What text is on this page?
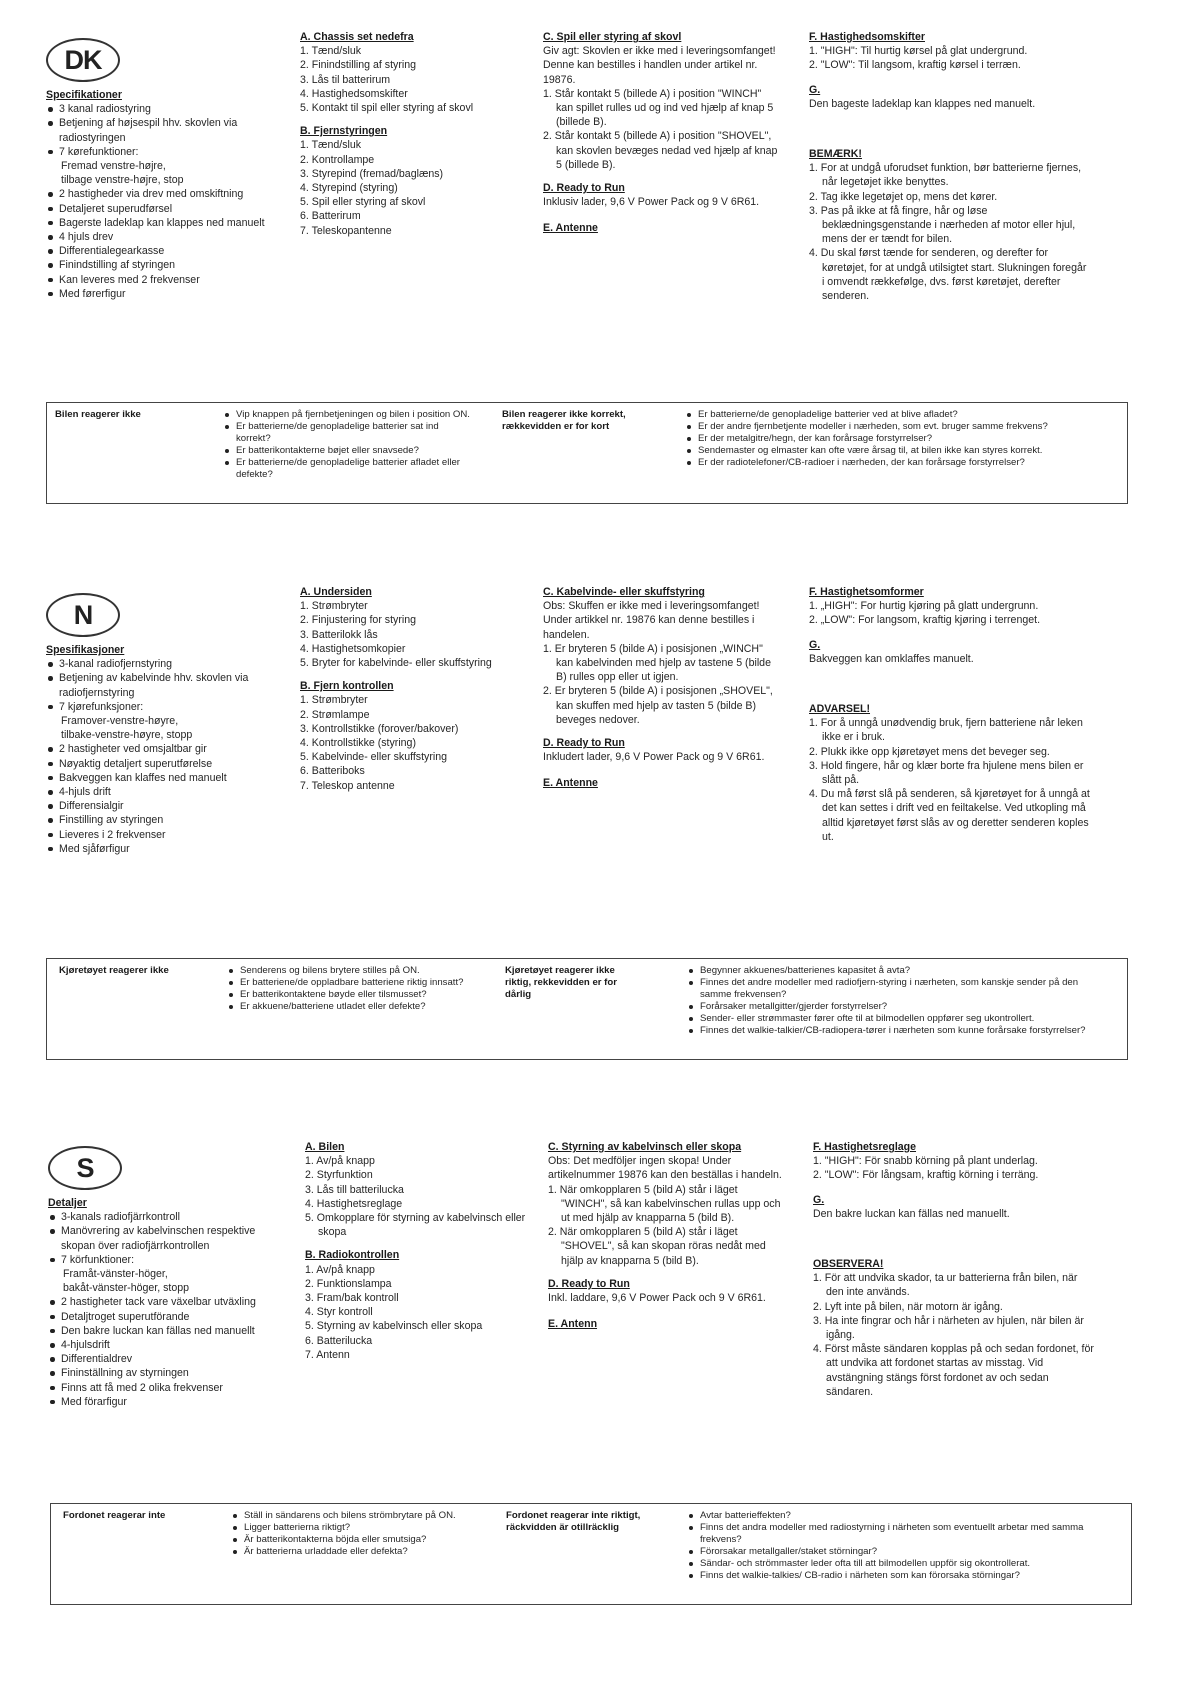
DK
Specifikationer
3 kanal radiostyring
Betjening af højsespil hhv. skovlen via radiostyringen
7 kørefunktioner:
Fremad venstre-højre,
tilbage venstre-højre, stop
2 hastigheder via drev med omskiftning
Detaljeret superudførsel
Bagerste ladeklap kan klappes ned manuelt
4 hjuls drev
Differentialegearkasse
Finindstilling af styringen
Kan leveres med 2 frekvenser
Med førerfigur
A. Chassis set nedefra
1. Tænd/sluk
2. Finindstilling af styring
3. Lås til batterirum
4. Hastighedsomskifter
5. Kontakt til spil eller styring af skovl
B. Fjernstyringen
1. Tænd/sluk
2. Kontrollampe
3. Styrepind (fremad/baglæns)
4. Styrepind (styring)
5. Spil eller styring af skovl
6. Batterirum
7. Teleskopantenne
C. Spil eller styring af skovl

Giv agt: Skovlen er ikke med i leveringsomfanget! Denne kan bestilles i handlen under artikel nr. 19876.

1. Står kontakt 5 (billede A) i position "WINCH" kan spillet rulles ud og ind ved hjælp af knap 5 (billede B).
2. Står kontakt 5 (billede A) i position "SHOVEL", kan skovlen bevæges nedad ved hjælp af knap 5 (billede B).
D. Ready to Run

Inklusiv lader, 9,6 V Power Pack og 9 V 6R61.

E. Antenne
F. Hastighedsomskifter
1. "HIGH": Til hurtig kørsel på glat undergrund.
2. "LOW": Til langsom, kraftig kørsel i terræn.
G.

Den bageste ladeklap kan klappes ned manuelt.

BEMÆRK!
1. For at undgå uforudset funktion, bør batterierne fjernes, når legetøjet ikke benyttes.
2. Tag ikke legetøjet op, mens det kører.
3. Pas på ikke at få fingre, hår og løse beklædningsgenstande i nærheden af motor eller hjul, mens der er tændt for bilen.
4. Du skal først tænde for senderen, og derefter for køretøjet, for at undgå utilsigtet start. Slukningen foregår i omvendt rækkefølge, dvs. først køretøjet, derefter senderen.
Bilen reagerer ikke	Vip knappen på fjernbetjeningen og bilen i position ON.
Er batterierne/de genopladelige batterier sat ind korrekt?
Er batterikontakterne bøjet eller snavsede?
Er batterierne/de genopladelige batterier afladet eller defekte?
Bilen reagerer ikke korrekt, rækkevidden er for kort
Er batterierne/de genopladelige batterier ved at blive afladet?
Er der andre fjernbetjente modeller i nærheden, som evt. bruger samme frekvens?
Er der metalgitre/hegn, der kan forårsage forstyrrelser?
Sendemaster og elmaster kan ofte være årsag til, at bilen ikke kan styres korrekt.
Er der radiotelefoner/CB-radioer i nærheden, der kan forårsage forstyrrelser?
N
Spesifikasjoner
3-kanal radiofjernstyring
Betjening av kabelvinde hhv. skovlen via radiofjernstyring
7 kjørefunksjoner:
Framover-venstre-høyre,
tilbake-venstre-høyre, stopp
2 hastigheter ved omsjaltbar gir
Nøyaktig detaljert superutførelse
Bakveggen kan klaffes ned manuelt
4-hjuls drift
Differensialgir
Finstilling av styringen
Lieveres i 2 frekvenser
Med sjåførfigur
A. Undersiden
1. Strømbryter
2. Finjustering for styring
3. Batterilokk lås
4. Hastighetsomkopier
5. Bryter for kabelvinde- eller skuffstyring
B. Fjern kontrollen
1. Strømbryter
2. Strømlampe
3. Kontrollstikke (forover/bakover)
4. Kontrollstikke (styring)
5. Kabelvinde- eller skuffstyring
6. Batteriboks
7. Teleskop antenne
C. Kabelvinde- eller skuffstyring

Obs: Skuffen er ikke med i leveringsomfanget! Under artikkel nr. 19876 kan denne bestilles i handelen.

1. Er bryteren 5 (bilde A) i posisjonen „WINCH" kan kabelvinden med hjelp av tastene 5 (bilde B) rulles opp eller ut igjen.
2. Er bryteren 5 (bilde A) i posisjonen „SHOVEL", kan skuffen med hjelp av tasten 5 (bilde B) beveges nedover.
D. Ready to Run

Inkludert lader, 9,6 V Power Pack og 9 V 6R61.

E. Antenne
F. Hastighetsomformer
1. „HIGH": For hurtig kjøring på glatt undergrunn.
2. „LOW": For langsom, kraftig kjøring i terrenget.
G.

Bakveggen kan omklaffes manuelt.

ADVARSEL!
1. For å unngå unødvendig bruk, fjern batteriene når leken ikke er i bruk.
2. Plukk ikke opp kjøretøyet mens det beveger seg.
3. Hold fingere, hår og klær borte fra hjulene mens bilen er slått på.
4. Du må først slå på senderen, så kjøretøyet for å unngå at det kan settes i drift ved en feiltakelse. Ved utkopling må alltid kjøretøyet først slås av og deretter senderen koples ut.
Kjøretøyet reagerer ikke	Senderens og bilens brytere stilles på ON.
Er batteriene/de oppladbare batteriene riktig innsatt?
Er batterikontaktene bøyde eller tilsmusset?
Er akkuene/batteriene utladet eller defekte?
Kjøretøyet reagerer ikke riktig, rekkevidden er for dårlig
Begynner akkuenes/batterienes kapasitet å avta?
Finnes det andre modeller med radiofjern-styring i nærheten, som kanskje sender på den samme frekvensen?
Forårsaker metallgitter/gjerder forstyrrelser?
Sender- eller strømmaster fører ofte til at bilmodellen oppfører seg ukontrollert.
Finnes det walkie-talkier/CB-radiopera-tører i nærheten som kunne forårsake forstyrrelser?
S
Detaljer
3-kanals radiofjärrkontroll
Manövrering av kabelvinschen respektive skopan över radiofjärrkontrollen
7 körfunktioner:
Framåt-vänster-höger,
bakåt-vänster-höger, stopp
2 hastigheter tack vare växelbar utväxling
Detaljtroget superutförande
Den bakre luckan kan fällas ned manuellt
4-hjulsdrift
Differentialdrev
Fininställning av styrningen
Finns att få med 2 olika frekvenser
Med förarfigur
A. Bilen
1. Av/på knapp
2. Styrfunktion
3. Lås till batterilucka
4. Hastighetsreglage
5. Omkopplare för styrning av kabelvinsch eller skopa
B. Radiokontrollen
1. Av/på knapp
2. Funktionslampa
3. Fram/bak kontroll
4. Styr kontroll
5. Styrning av kabelvinsch eller skopa
6. Batterilucka
7. Antenn
C. Styrning av kabelvinsch eller skopa

Obs: Det medföljer ingen skopa! Under artikelnummer 19876 kan den beställas i handeln.

1. När omkopplaren 5 (bild A) står i läget "WINCH", så kan kabelvinschen rullas upp och ut med hjälp av knapparna 5 (bild B).
2. När omkopplaren 5 (bild A) står i läget "SHOVEL", så kan skopan röras nedåt med hjälp av knapparna 5 (bild B).
D. Ready to Run

Inkl. laddare, 9,6 V Power Pack och 9 V 6R61.

E. Antenn
F. Hastighetsreglage
1. "HIGH": För snabb körning på plant underlag.
2. "LOW": För långsam, kraftig körning i terräng.
G.

Den bakre luckan kan fällas ned manuellt.

OBSERVERA!
1. För att undvika skador, ta ur batterierna från bilen, när den inte används.
2. Lyft inte på bilen, när motorn är igång.
3. Ha inte fingrar och hår i närheten av hjulen, när bilen är igång.
4. Först måste sändaren kopplas på och sedan fordonet, för att undvika att fordonet startas av misstag. Vid avstängning stängs först fordonet av och sedan sändaren.
Fordonet reagerar inte	Ställ in sändarens och bilens strömbrytare på ON.
Ligger batterierna riktigt?
Är batterikontakterna böjda eller smutsiga?
Är batterierna urladdade eller defekta?
Fordonet reagerar inte riktigt, räckvidden är otillräcklig
Avtar batterieffekten?
Finns det andra modeller med radiostyrning i närheten som eventuellt arbetar med samma frekvens?
Förorsakar metallgaller/staket störningar?
Sändar- och strömmaster leder ofta till att bilmodellen uppför sig okontrollerat.
Finns det walkie-talkies/ CB-radio i närheten som kan förorsaka störningar?
